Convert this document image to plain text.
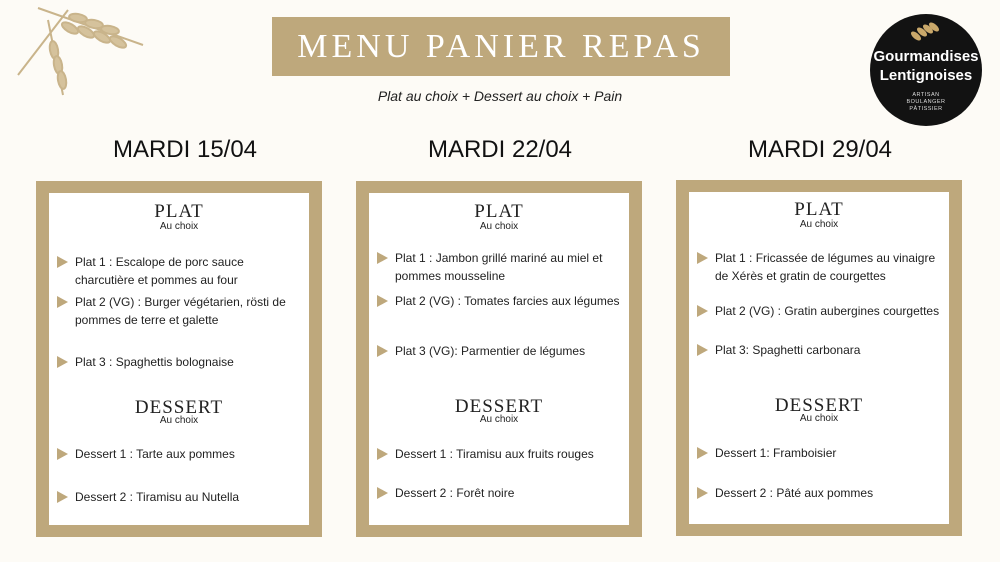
MENU PANIER REPAS
Plat au choix + Dessert au choix + Pain
Gourmandises
Lentignoises
ARTISAN
BOULANGER
PÂTISSIER
MARDI 15/04
PLAT
Au choix
Plat 1 : Escalope de porc sauce charcutière et pommes au four
Plat 2 (VG) : Burger végétarien, rösti de pommes de terre et galette
Plat 3 : Spaghettis bolognaise
DESSERT
Au choix
Dessert 1 : Tarte aux pommes
Dessert 2 : Tiramisu au Nutella
MARDI 22/04
PLAT
Au choix
Plat 1 : Jambon grillé mariné au miel et pommes mousseline
Plat 2 (VG) : Tomates farcies aux légumes
Plat 3 (VG): Parmentier de légumes
DESSERT
Au choix
Dessert 1 : Tiramisu aux fruits rouges
Dessert 2 : Forêt noire
MARDI 29/04
PLAT
Au choix
Plat 1 : Fricassée de légumes au vinaigre de Xérès et gratin de courgettes
Plat 2 (VG) : Gratin aubergines courgettes
Plat 3: Spaghetti carbonara
DESSERT
Au choix
Dessert 1: Framboisier
Dessert 2 : Pâté aux pommes
